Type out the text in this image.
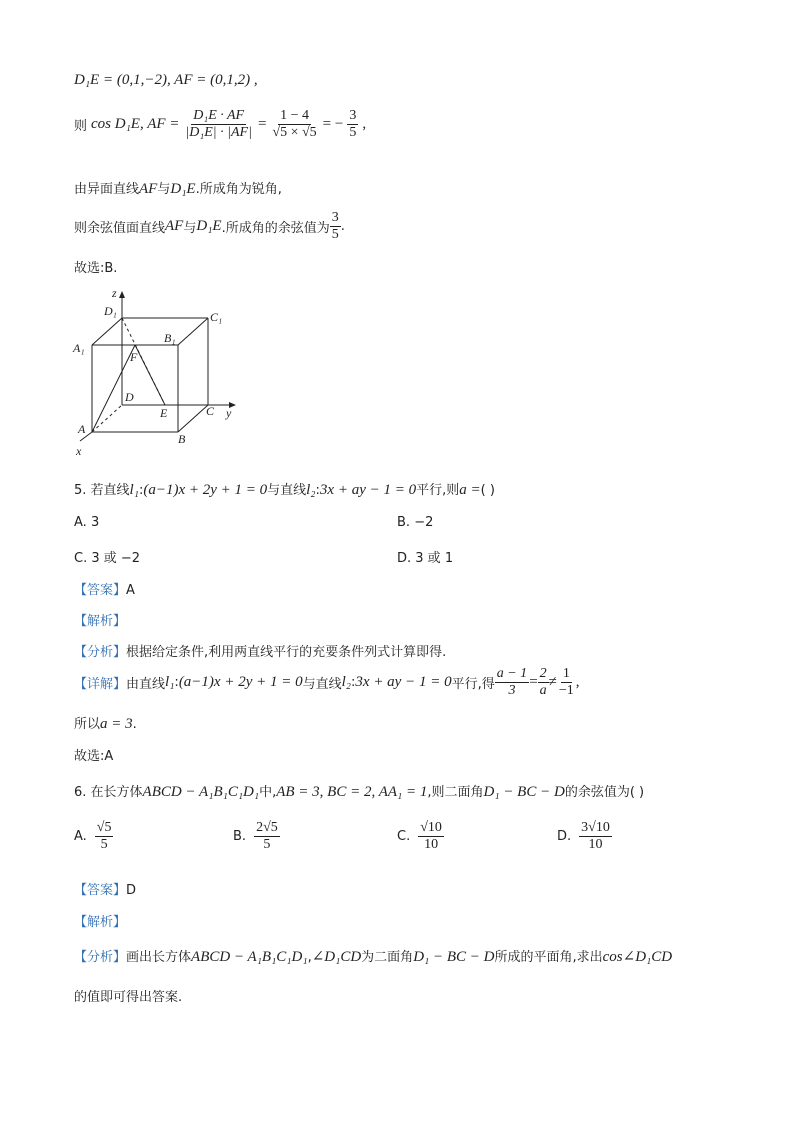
D₁E = (0,1,−2), AF = (0,1,2) ,
则 cos D₁E, AF = $\frac{\text{D₁E · AF}}{\text{|D₁E| · |AF|}} = \frac{1 - 4}{√5 \times √5}$ = − $\frac{3}{5}$ ,
由异面直线AF与D₁E.所成角为锐角,
则余弦值面直线 AF 与 D₁E .所成角的余弦值为 $\frac{3}{5}$ .
故选:B.
z
y
x
D₁	C₁
A₁
B₁
F
D
E	C
A
B
5. 若直线l₁:(a−1)x + 2y + 1 = 0与直线l₂:3x + ay − 1 = 0平行,则a =( )
A. 3	B. −2
C. 3 或 −2	D. 3 或 1
【答案】A
【解析】
【分析】根据给定条件,利用两直线平行的充要条件列式计算即得.
【详解】 由直线 l₁ : (a−1)x + 2y + 1 = 0 与直线 l₂ : 3x + ay − 1 = 0 平行,得 $\frac{a - 1}{3} = \frac{2}{a} \ne \frac{1}{-1}$ ,
所以a = 3.
故选:A
6. 在长方体ABCD − A₁B₁C₁D₁中,AB = 3, BC = 2, AA₁ = 1,则二面角D₁ − BC − D的余弦值为( )
A. $\frac{√5}{5}$	B. $\frac{2√5}{5}$	C. $\frac{√10}{10}$	D. $\frac{3√10}{10}$
【答案】D
【解析】
【分析】画出长方体ABCD − A₁B₁C₁D₁,∠D₁CD为二面角D₁ − BC − D所成的平面角,求出cos∠D₁CD
的值即可得出答案.
